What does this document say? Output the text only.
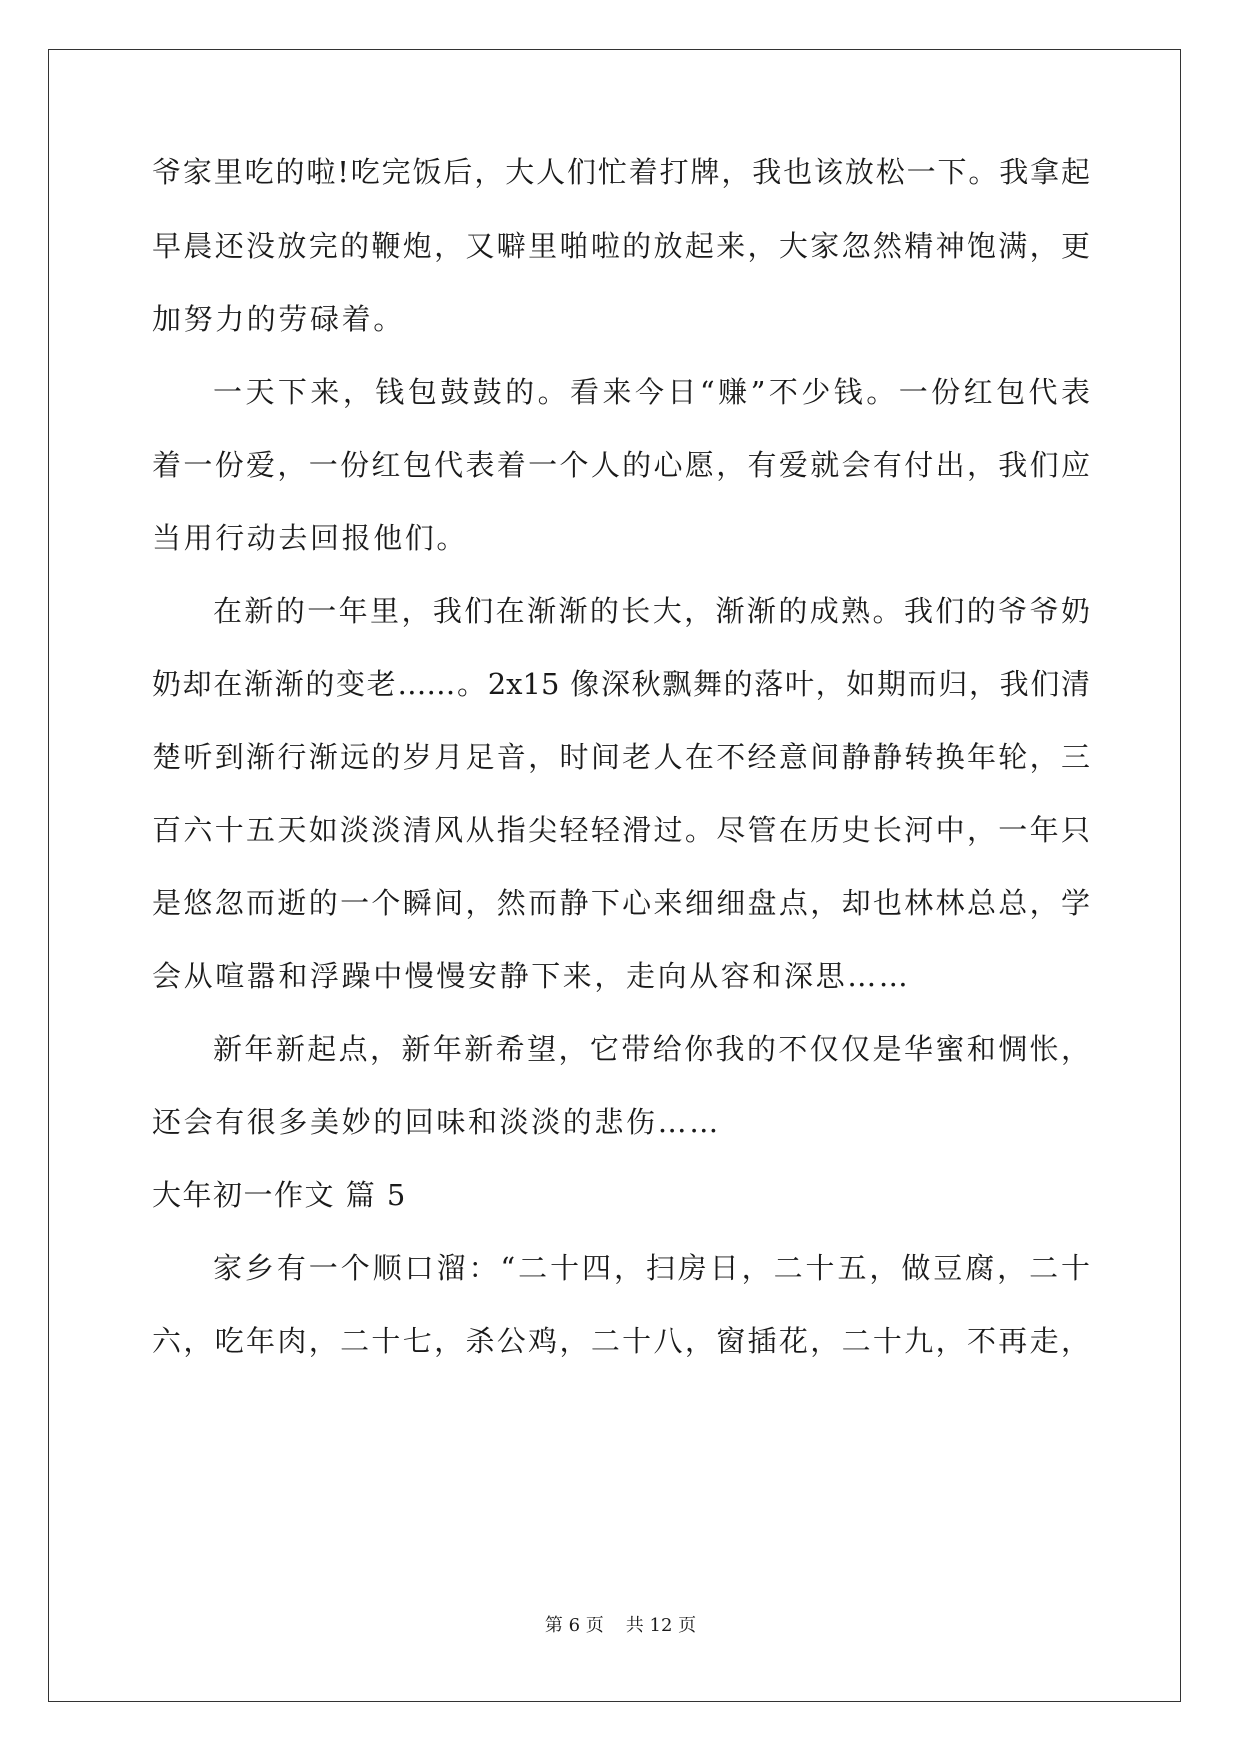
爷家里吃的啦!吃完饭后，大人们忙着打牌，我也该放松一下。我拿起
早晨还没放完的鞭炮，又噼里啪啦的放起来，大家忽然精神饱满，更
加努力的劳碌着。
一天下来，钱包鼓鼓的。看来今日“赚”不少钱。一份红包代表
着一份爱，一份红包代表着一个人的心愿，有爱就会有付出，我们应
当用行动去回报他们。
在新的一年里，我们在渐渐的长大，渐渐的成熟。我们的爷爷奶
奶却在渐渐的变老……。2x15 像深秋飘舞的落叶，如期而归，我们清
楚听到渐行渐远的岁月足音，时间老人在不经意间静静转换年轮，三
百六十五天如淡淡清风从指尖轻轻滑过。尽管在历史长河中，一年只
是悠忽而逝的一个瞬间，然而静下心来细细盘点，却也林林总总，学
会从喧嚣和浮躁中慢慢安静下来，走向从容和深思……
新年新起点，新年新希望，它带给你我的不仅仅是华蜜和惆怅，
还会有很多美妙的回味和淡淡的悲伤……
大年初一作文 篇 5
家乡有一个顺口溜：“二十四，扫房日，二十五，做豆腐，二十
六，吃年肉，二十七，杀公鸡，二十八，窗插花，二十九，不再走，
第 6 页 共 12 页
